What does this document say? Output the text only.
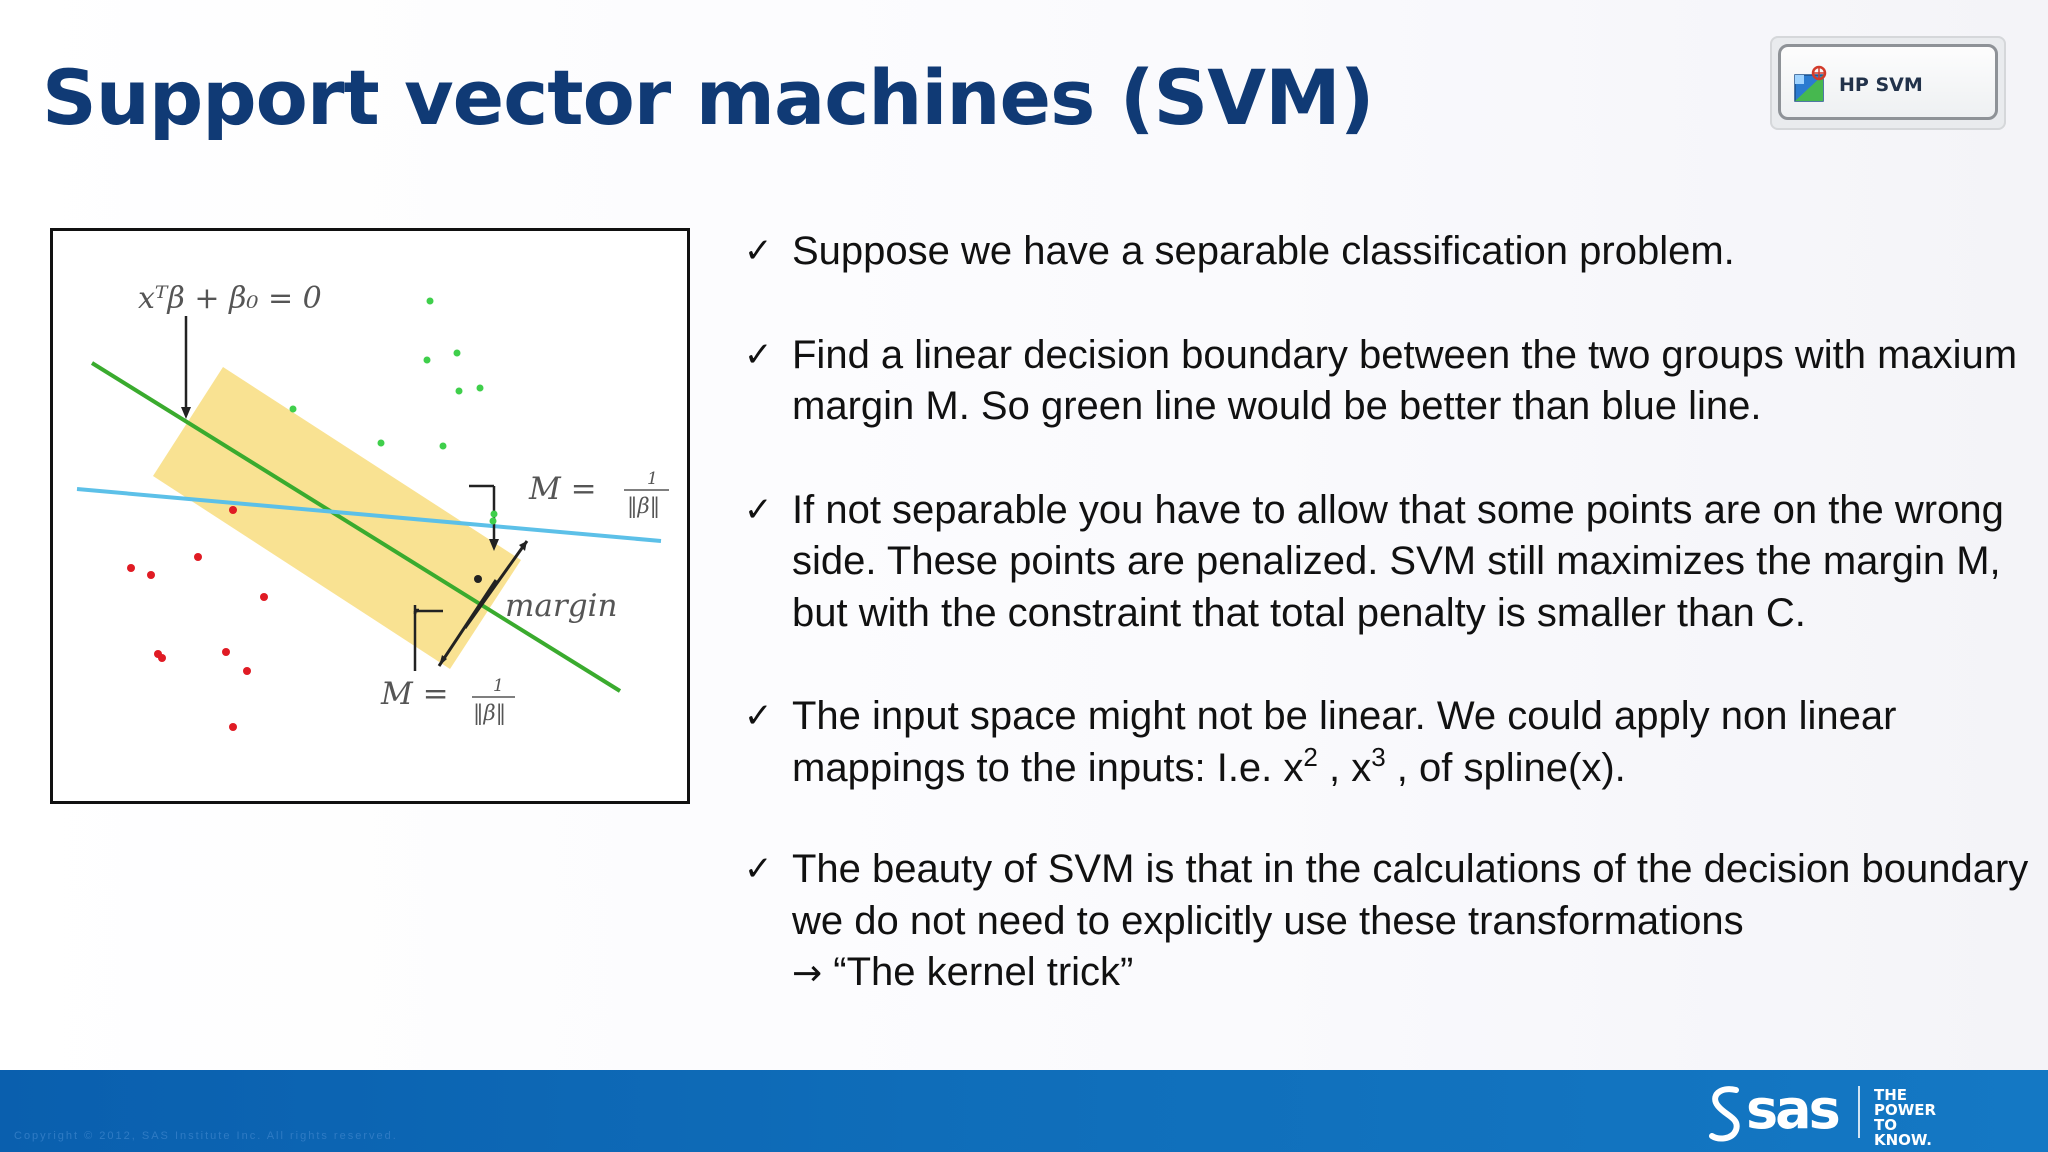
Support vector machines (SVM)	HP SVM
xᵀβ + β₀ = 0
M =	1
‖β‖
margin
M =	1
‖β‖
✓ Suppose we have a separable classification problem.
✓ Find a linear decision boundary between the two groups with maxium margin M. So green line would be better than blue line.
✓ If not separable you have to allow that some points are on the wrong side. These points are penalized. SVM still maximizes the margin M, but with the constraint that total penalty is smaller than C.
✓ The input space might not be linear. We could apply non linear mappings to the inputs: I.e. $x^2$ , $x^3$ , of spline(x).
✓ The beauty of SVM is that in the calculations of the decision boundary we do not need to explicitly use these transformations
→ “The kernel trick”
Copyright © 2012, SAS Institute Inc. All rights reserved.	sas THE
POWER
TO KNOW.
